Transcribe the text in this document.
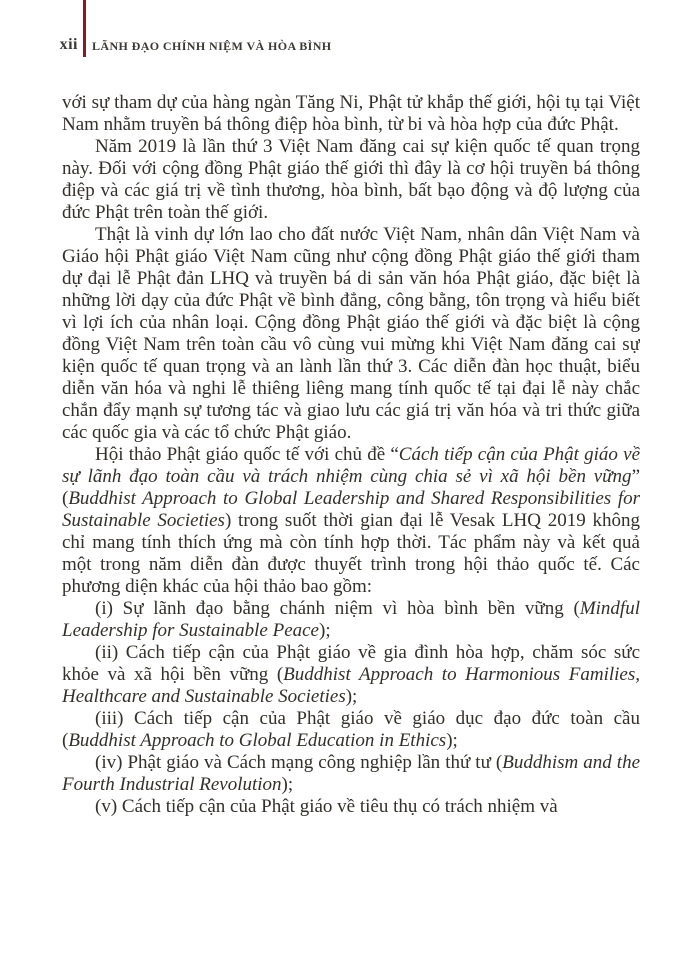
xii LÃNH ĐẠO CHÍNH NIỆM VÀ HÒA BÌNH

với sự tham dự của hàng ngàn Tăng Ni, Phật tử khắp thế giới, hội tụ tại Việt Nam nhằm truyền bá thông điệp hòa bình, từ bi và hòa hợp của đức Phật.

Năm 2019 là lần thứ 3 Việt Nam đăng cai sự kiện quốc tế quan trọng này. Đối với cộng đồng Phật giáo thế giới thì đây là cơ hội truyền bá thông điệp và các giá trị về tình thương, hòa bình, bất bạo động và độ lượng của đức Phật trên toàn thế giới.

Thật là vinh dự lớn lao cho đất nước Việt Nam, nhân dân Việt Nam và Giáo hội Phật giáo Việt Nam cũng như cộng đồng Phật giáo thế giới tham dự đại lễ Phật đản LHQ và truyền bá di sản văn hóa Phật giáo, đặc biệt là những lời dạy của đức Phật về bình đẳng, công bằng, tôn trọng và hiểu biết vì lợi ích của nhân loại. Cộng đồng Phật giáo thế giới và đặc biệt là cộng đồng Việt Nam trên toàn cầu vô cùng vui mừng khi Việt Nam đăng cai sự kiện quốc tế quan trọng và an lành lần thứ 3. Các diễn đàn học thuật, biểu diễn văn hóa và nghi lễ thiêng liêng mang tính quốc tế tại đại lễ này chắc chắn đẩy mạnh sự tương tác và giao lưu các giá trị văn hóa và tri thức giữa các quốc gia và các tổ chức Phật giáo.

Hội thảo Phật giáo quốc tế với chủ đề “Cách tiếp cận của Phật giáo về sự lãnh đạo toàn cầu và trách nhiệm cùng chia sẻ vì xã hội bền vững” (Buddhist Approach to Global Leadership and Shared Responsibilities for Sustainable Societies) trong suốt thời gian đại lễ Vesak LHQ 2019 không chỉ mang tính thích ứng mà còn tính hợp thời. Tác phẩm này và kết quả một trong năm diễn đàn được thuyết trình trong hội thảo quốc tế. Các phương diện khác của hội thảo bao gồm:

(i) Sự lãnh đạo bằng chánh niệm vì hòa bình bền vững (Mindful Leadership for Sustainable Peace);

(ii) Cách tiếp cận của Phật giáo về gia đình hòa hợp, chăm sóc sức khỏe và xã hội bền vững (Buddhist Approach to Harmonious Families, Healthcare and Sustainable Societies);

(iii) Cách tiếp cận của Phật giáo về giáo dục đạo đức toàn cầu (Buddhist Approach to Global Education in Ethics);

(iv) Phật giáo và Cách mạng công nghiệp lần thứ tư (Buddhism and the Fourth Industrial Revolution);

(v) Cách tiếp cận của Phật giáo về tiêu thụ có trách nhiệm và
